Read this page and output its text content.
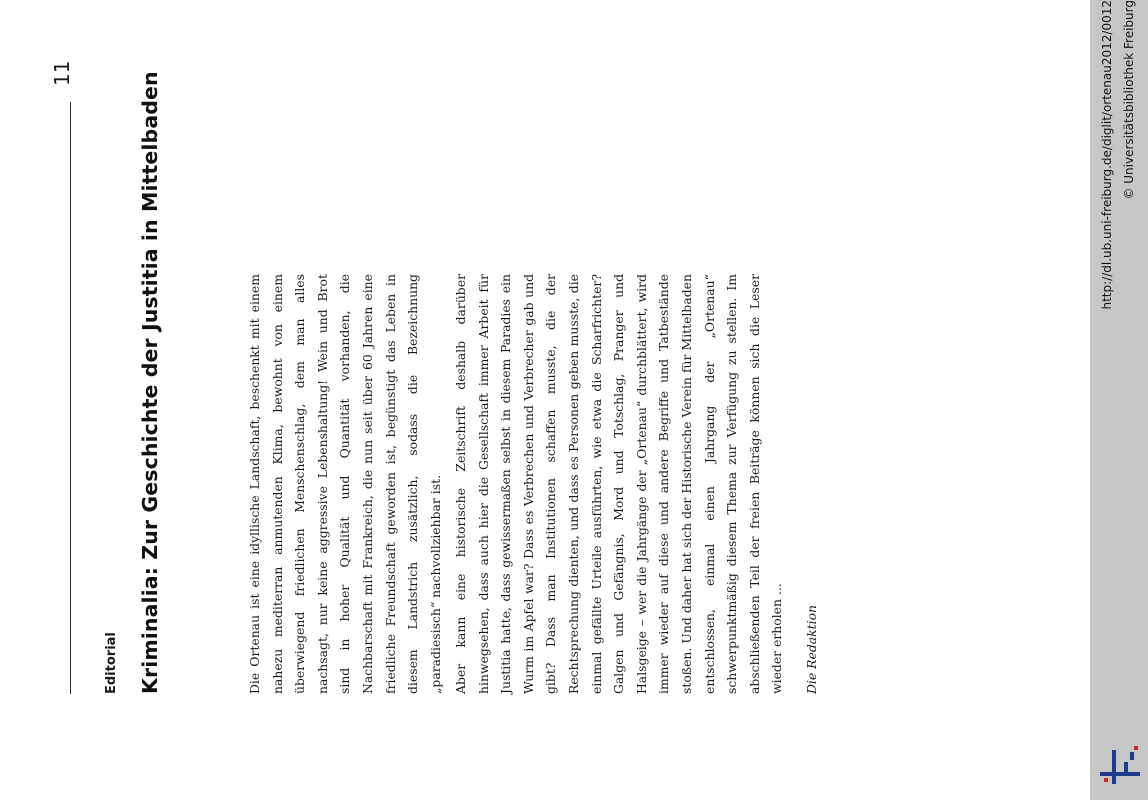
11
Editorial Kriminalia: Zur Geschichte der Justitia in Mittelbaden	Die Ortenau ist eine idyllische Landschaft, beschenkt mit einem nahezu mediterran anmutenden Klima, bewohnt von einem überwiegend friedlichen Menschenschlag, dem man alles nachsagt, nur keine aggressive Lebenshaltung! Wein und Brot sind in hoher Qualität und Quantität vorhanden, die Nachbarschaft mit Frankreich, die nun seit über 60 Jahren eine friedliche Freundschaft geworden ist, begünstigt das Leben in diesem Landstrich zusätzlich, sodass die Bezeichnung „paradiesisch“ nachvollziehbar ist. Aber kann eine historische Zeitschrift deshalb darüber hinwegsehen, dass auch hier die Gesellschaft immer Arbeit für Justitia hatte, dass gewissermaßen selbst in diesem Paradies ein Wurm im Apfel war? Dass es Verbrechen und Verbrecher gab und gibt? Dass man Institutionen schaffen musste, die der Rechtsprechung dienten, und dass es Personen geben musste, die einmal gefällte Urteile ausführten, wie etwa die Scharfrichter? Galgen und Gefängnis, Mord und Totschlag, Pranger und Halsgeige – wer die Jahrgänge der „Ortenau“ durchblättert, wird immer wieder auf diese und andere Begriffe und Tatbestände stoßen. Und daher hat sich der Historische Verein für Mittelbaden entschlossen, einmal einen Jahrgang der „Ortenau“ schwerpunktmäßig diesem Thema zur Verfügung zu stellen. Im abschließenden Teil der freien Beiträge können sich die Leser wieder erholen ...	Die Redaktion
http://dl.ub.uni-freiburg.de/diglit/ortenau2012/0012 © Universitätsbibliothek Freiburg
